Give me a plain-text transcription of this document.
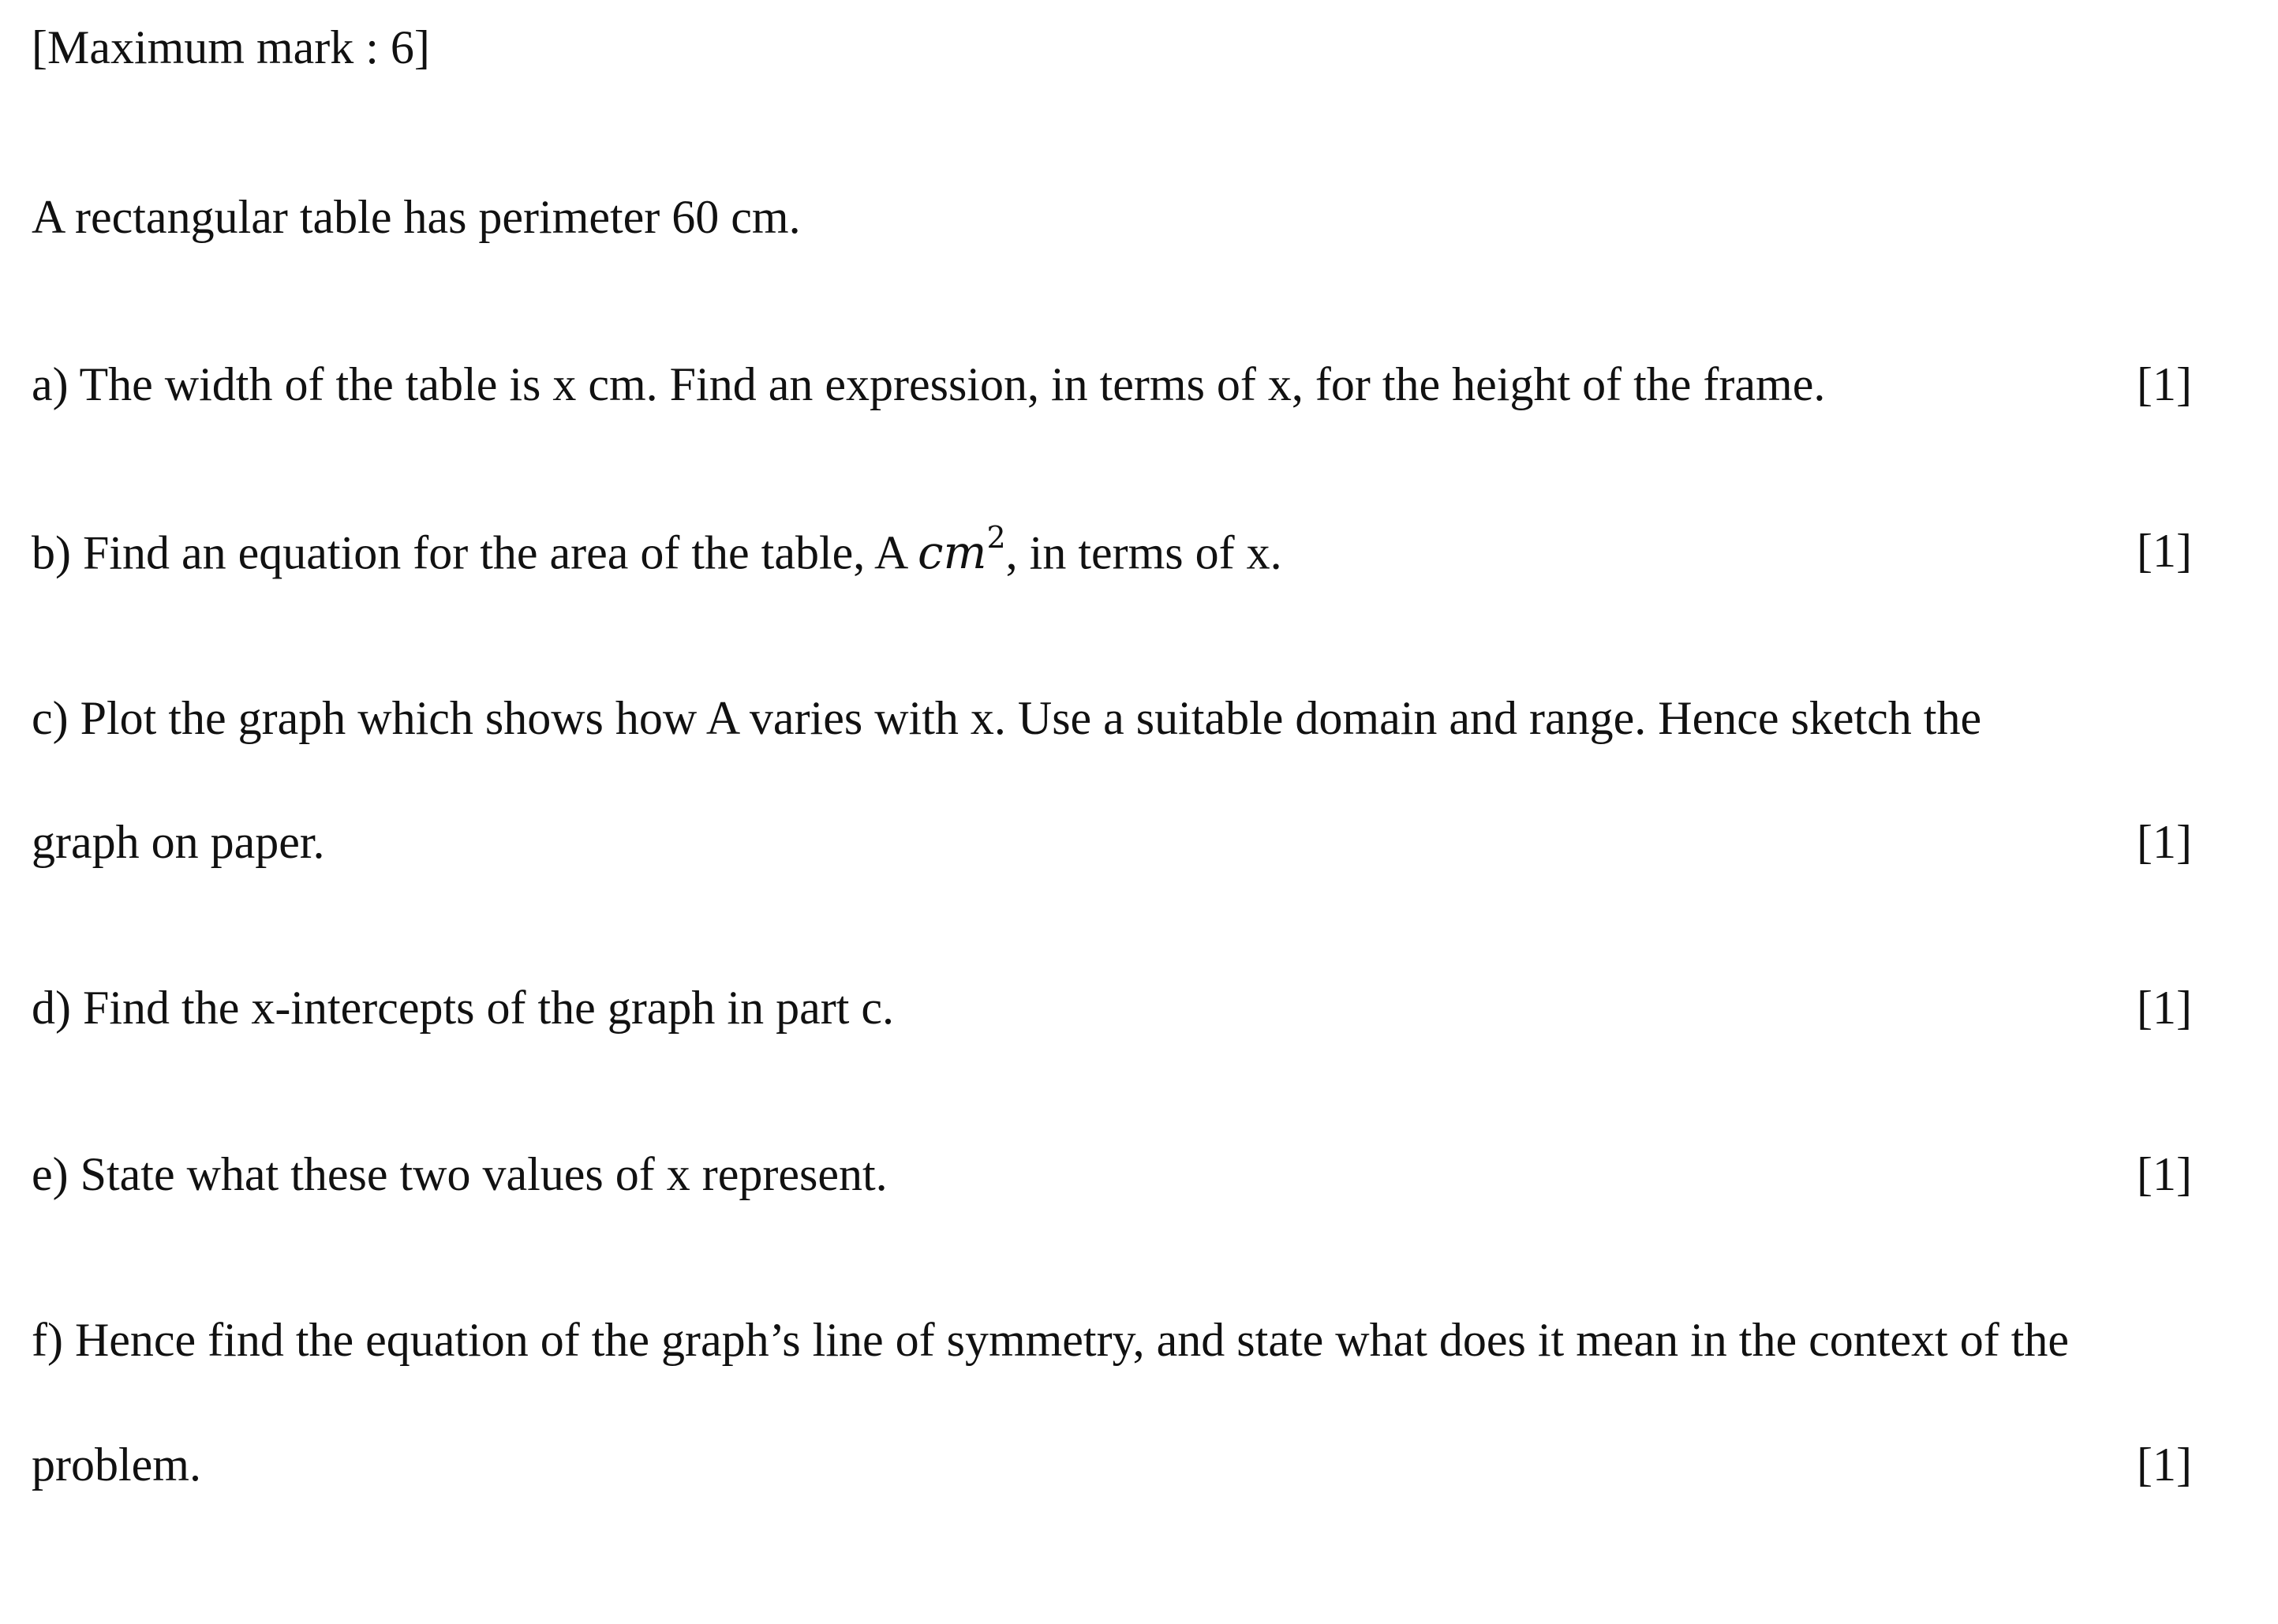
[Maximum mark : 6]
A rectangular table has perimeter 60 cm.
a) The width of the table is x cm. Find an expression, in terms of x, for the height of the frame.	[1]
b) Find an equation for the area of the table, A $cm^2$, in terms of x.	[1]
c) Plot the graph which shows how A varies with x. Use a suitable domain and range. Hence sketch the
graph on paper.	[1]
d) Find the x-intercepts of the graph in part c.	[1]
e) State what these two values of x represent.	[1]
f) Hence find the equation of the graph’s line of symmetry, and state what does it mean in the context of the
problem.	[1]
